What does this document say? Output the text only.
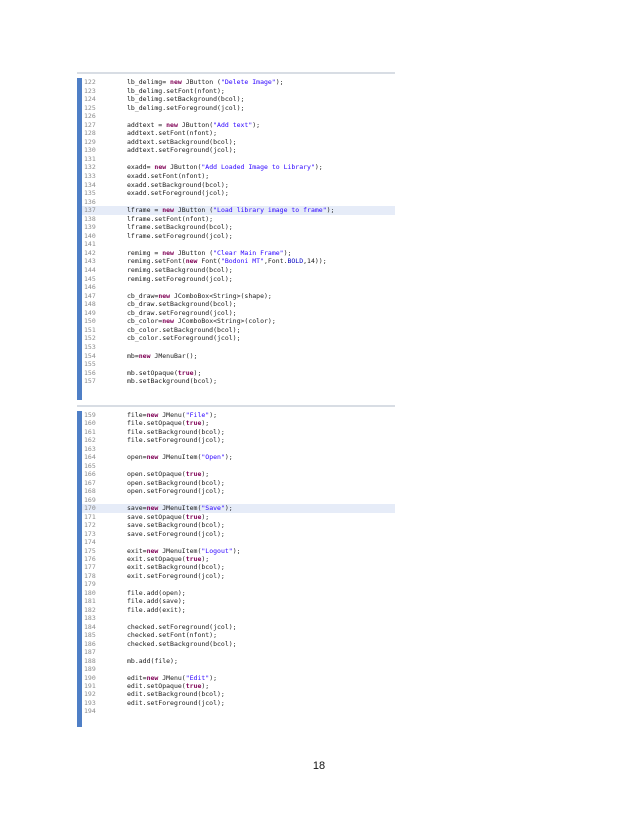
122	lb_delimg= new JButton ("Delete Image");
123	lb_delimg.setFont(nfont);
124	lb_delimg.setBackground(bcol);
125	lb_delimg.setForeground(jcol);
126
127	addtext = new JButton("Add text");
128	addtext.setFont(nfont);
129	addtext.setBackground(bcol);
130	addtext.setForeground(jcol);
131
132	exadd= new JButton("Add Loaded Image to Library");
133	exadd.setFont(nfont);
134	exadd.setBackground(bcol);
135	exadd.setForeground(jcol);
136
137	lframe = new JButton ("Load library image to frame");
138	lframe.setFont(nfont);
139	lframe.setBackground(bcol);
140	lframe.setForeground(jcol);
141
142	remimg = new JButton ("Clear Main Frame");
143	remimg.setFont(new Font("Bodoni MT",Font.BOLD,14));
144	remimg.setBackground(bcol);
145	remimg.setForeground(jcol);
146
147	cb_draw=new JComboBox<String>(shape);
148	cb_draw.setBackground(bcol);
149	cb_draw.setForeground(jcol);
150	cb_color=new JComboBox<String>(color);
151	cb_color.setBackground(bcol);
152	cb_color.setForeground(jcol);
153
154	mb=new JMenuBar();
155
156	mb.setOpaque(true);
157	mb.setBackground(bcol);
159	file=new JMenu("File");
160	file.setOpaque(true);
161	file.setBackground(bcol);
162	file.setForeground(jcol);
163
164	open=new JMenuItem("Open");
165
166	open.setOpaque(true);
167	open.setBackground(bcol);
168	open.setForeground(jcol);
169
170	save=new JMenuItem("Save");
171	save.setOpaque(true);
172	save.setBackground(bcol);
173	save.setForeground(jcol);
174
175	exit=new JMenuItem("Logout");
176	exit.setOpaque(true);
177	exit.setBackground(bcol);
178	exit.setForeground(jcol);
179
180	file.add(open);
181	file.add(save);
182	file.add(exit);
183
184	checked.setForeground(jcol);
185	checked.setFont(nfont);
186	checked.setBackground(bcol);
187
188	mb.add(file);
189
190	edit=new JMenu("Edit");
191	edit.setOpaque(true);
192	edit.setBackground(bcol);
193	edit.setForeground(jcol);
194
18
